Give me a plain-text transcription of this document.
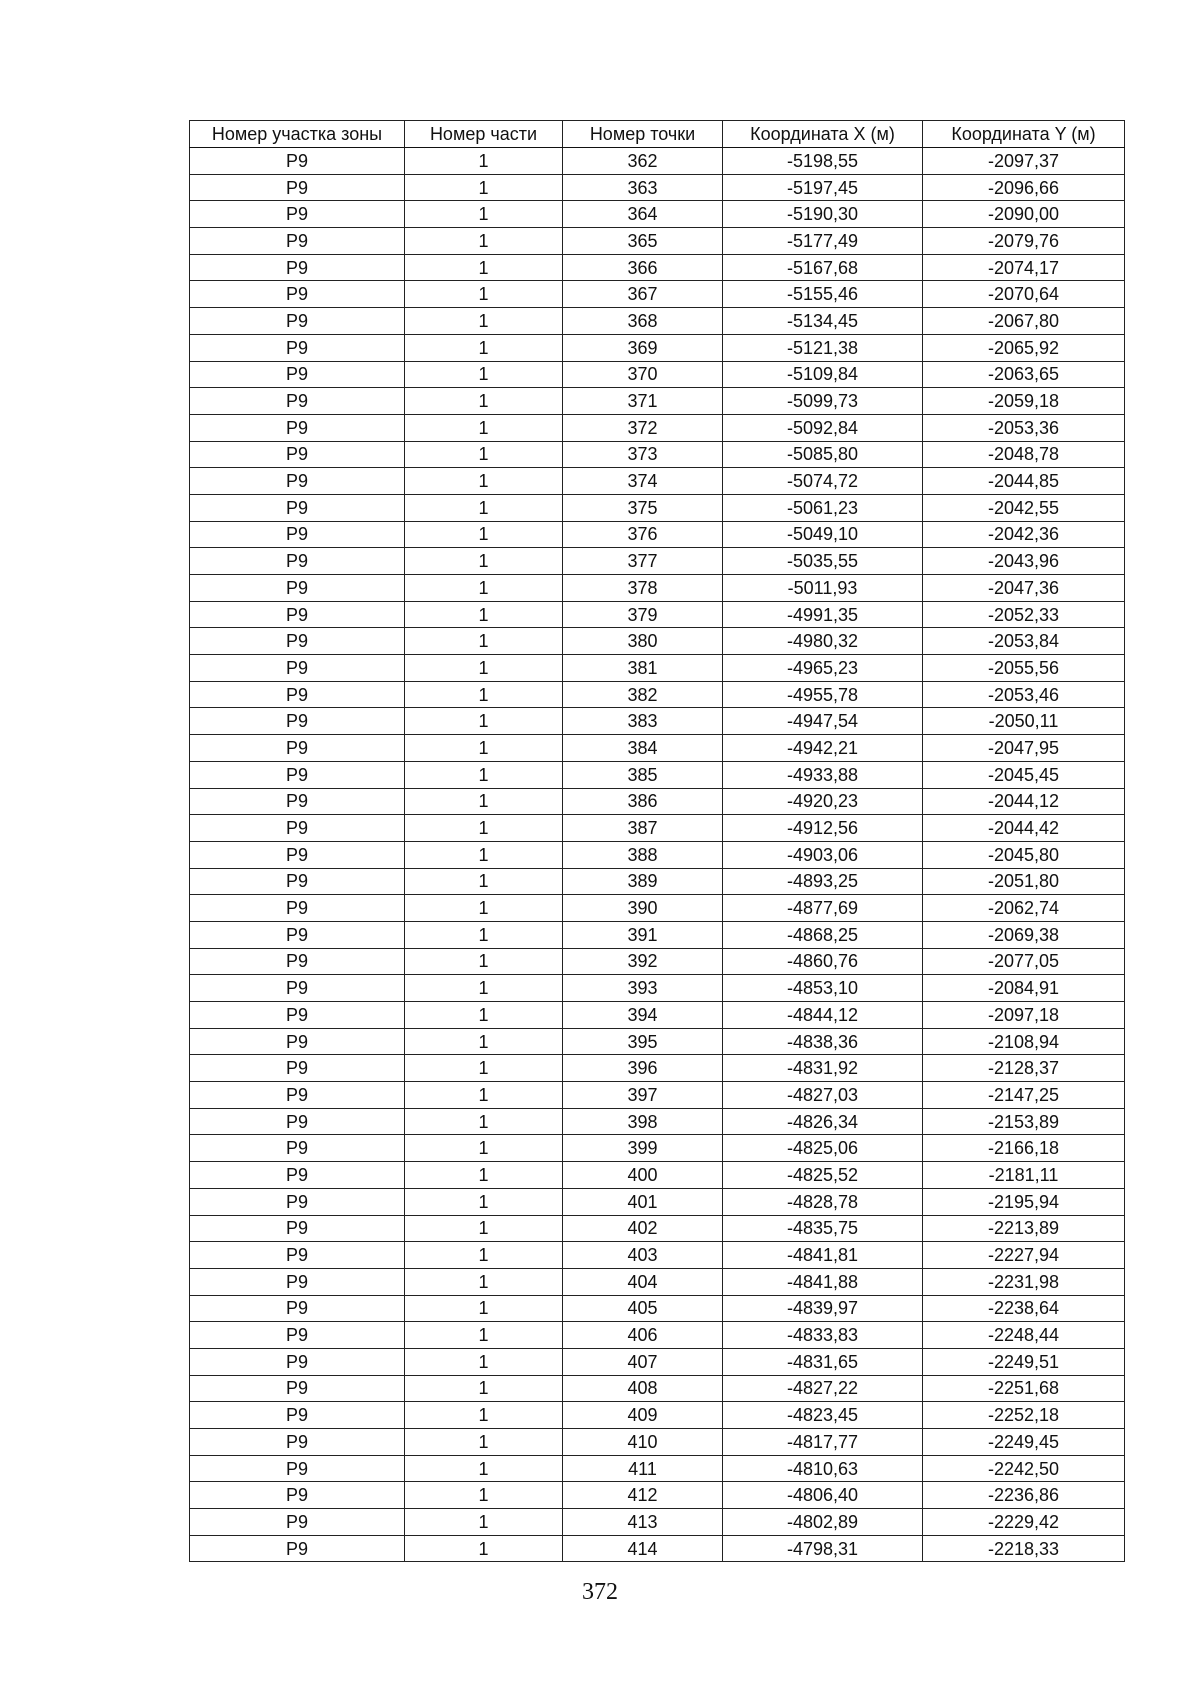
Номер участка зоны	Номер части	Номер точки	Координата X (м)	Координата Y (м)
Р9	1	362	-5198,55	-2097,37
Р9	1	363	-5197,45	-2096,66
Р9	1	364	-5190,30	-2090,00
Р9	1	365	-5177,49	-2079,76
Р9	1	366	-5167,68	-2074,17
Р9	1	367	-5155,46	-2070,64
Р9	1	368	-5134,45	-2067,80
Р9	1	369	-5121,38	-2065,92
Р9	1	370	-5109,84	-2063,65
Р9	1	371	-5099,73	-2059,18
Р9	1	372	-5092,84	-2053,36
Р9	1	373	-5085,80	-2048,78
Р9	1	374	-5074,72	-2044,85
Р9	1	375	-5061,23	-2042,55
Р9	1	376	-5049,10	-2042,36
Р9	1	377	-5035,55	-2043,96
Р9	1	378	-5011,93	-2047,36
Р9	1	379	-4991,35	-2052,33
Р9	1	380	-4980,32	-2053,84
Р9	1	381	-4965,23	-2055,56
Р9	1	382	-4955,78	-2053,46
Р9	1	383	-4947,54	-2050,11
Р9	1	384	-4942,21	-2047,95
Р9	1	385	-4933,88	-2045,45
Р9	1	386	-4920,23	-2044,12
Р9	1	387	-4912,56	-2044,42
Р9	1	388	-4903,06	-2045,80
Р9	1	389	-4893,25	-2051,80
Р9	1	390	-4877,69	-2062,74
Р9	1	391	-4868,25	-2069,38
Р9	1	392	-4860,76	-2077,05
Р9	1	393	-4853,10	-2084,91
Р9	1	394	-4844,12	-2097,18
Р9	1	395	-4838,36	-2108,94
Р9	1	396	-4831,92	-2128,37
Р9	1	397	-4827,03	-2147,25
Р9	1	398	-4826,34	-2153,89
Р9	1	399	-4825,06	-2166,18
Р9	1	400	-4825,52	-2181,11
Р9	1	401	-4828,78	-2195,94
Р9	1	402	-4835,75	-2213,89
Р9	1	403	-4841,81	-2227,94
Р9	1	404	-4841,88	-2231,98
Р9	1	405	-4839,97	-2238,64
Р9	1	406	-4833,83	-2248,44
Р9	1	407	-4831,65	-2249,51
Р9	1	408	-4827,22	-2251,68
Р9	1	409	-4823,45	-2252,18
Р9	1	410	-4817,77	-2249,45
Р9	1	411	-4810,63	-2242,50
Р9	1	412	-4806,40	-2236,86
Р9	1	413	-4802,89	-2229,42
Р9	1	414	-4798,31	-2218,33
372
